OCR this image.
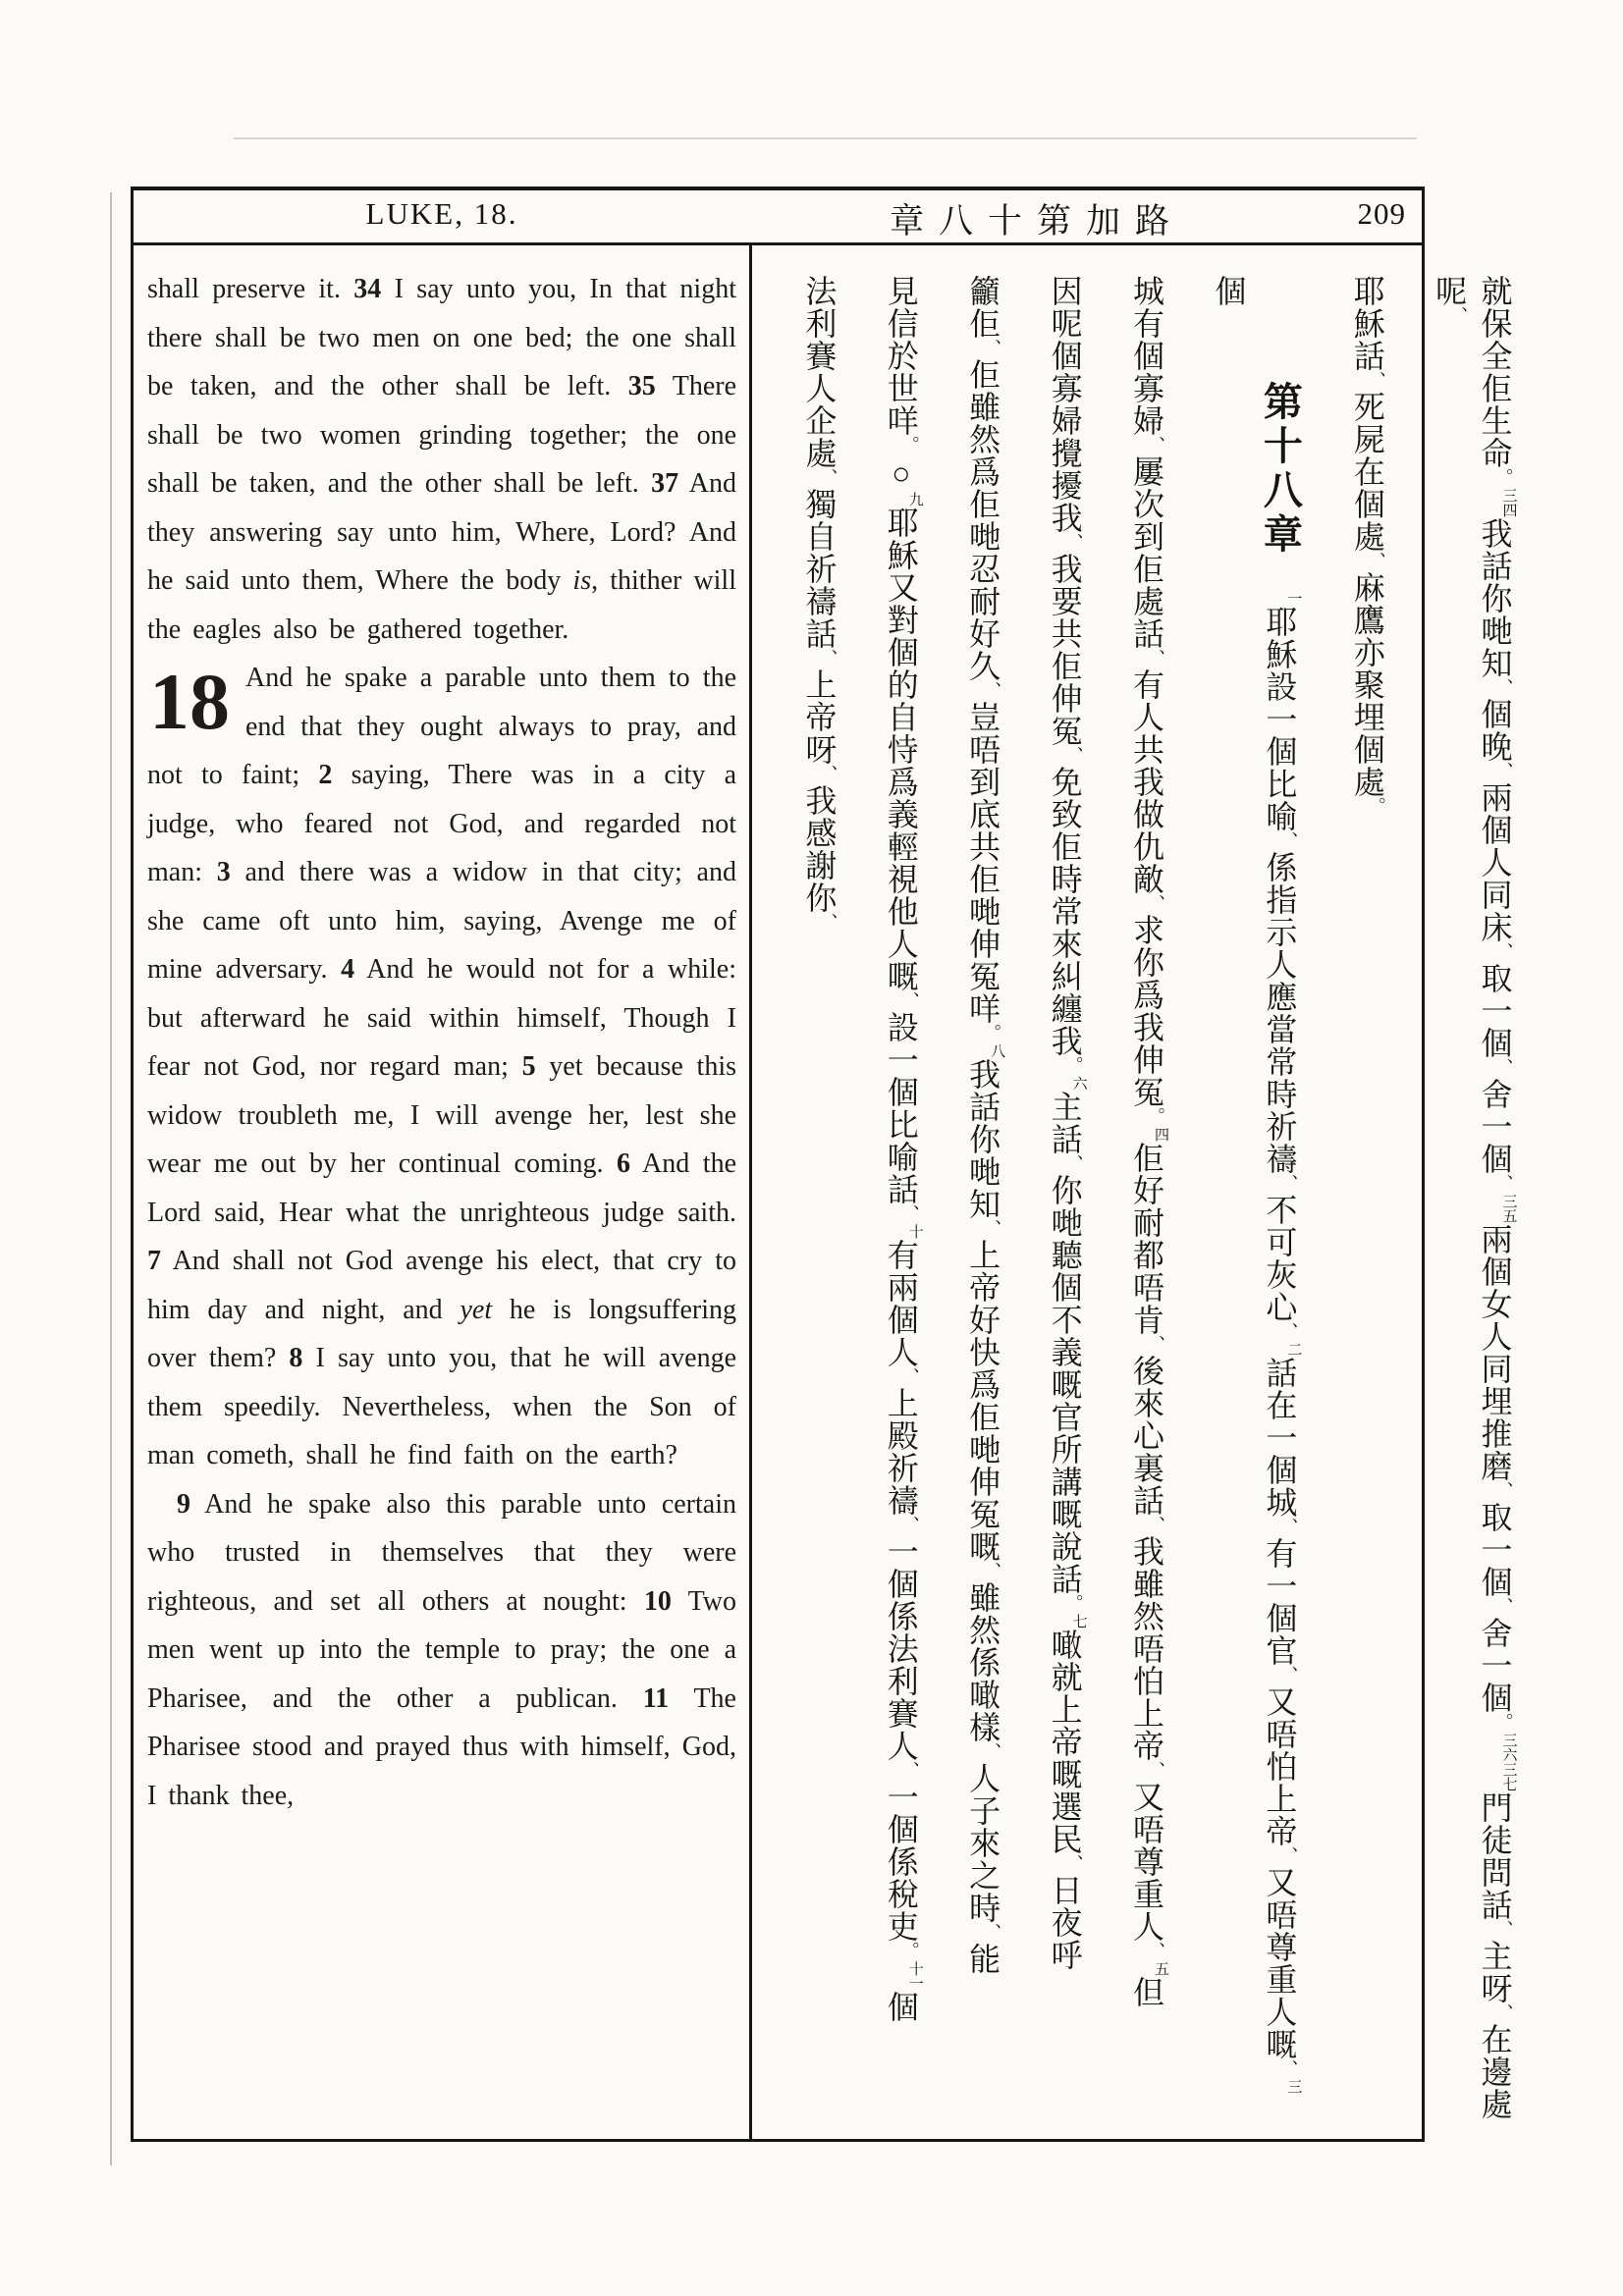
LUKE, 18.	章八十第加路	209

shall preserve it. 34 I say unto you, In that night there shall be two men on one bed; the one shall be taken, and the other shall be left. 35 There shall be two women grinding together; the one shall be taken, and the other shall be left. 37 And they answering say unto him, Where, Lord? And he said unto them, Where the body is, thither will the eagles also be gathered together.

18 And he spake a parable unto them to the end that they ought always to pray, and not to faint; 2 saying, There was in a city a judge, who feared not God, and regarded not man: 3 and there was a widow in that city; and she came oft unto him, saying, Avenge me of mine adversary. 4 And he would not for a while: but afterward he said within himself, Though I fear not God, nor regard man; 5 yet because this widow troubleth me, I will avenge her, lest she wear me out by her continual coming. 6 And the Lord said, Hear what the unrighteous judge saith. 7 And shall not God avenge his elect, that cry to him day and night, and yet he is longsuffering over them? 8 I say unto you, that he will avenge them speedily. Nevertheless, when the Son of man cometh, shall he find faith on the earth?

9 And he spake also this parable unto certain who trusted in themselves that they were righteous, and set all others at nought: 10 Two men went up into the temple to pray; the one a Pharisee, and the other a publican. 11 The Pharisee stood and prayed thus with himself, God, I thank thee,

就保全佢生命。三四我話你哋知、個晚、兩個人同床、取一個、舍一個、三五兩個女人同埋推磨、取一個、舍一個。三六三七門徒問話、主呀、在邊處呢、
耶穌話、死屍在個處、麻鷹亦聚埋個處。
第十八章一耶穌設一個比喻、係指示人應當常時祈禱、不可灰心、二話在一個城、有一個官、又唔怕上帝、又唔尊重人嘅、三個
城有個寡婦、屢次到佢處話、有人共我做仇敵、求你爲我伸冤。四佢好耐都唔肯、後來心裏話、我雖然唔怕上帝、又唔尊重人、五但
因呢個寡婦攪擾我、我要共佢伸冤、免致佢時常來糾纏我。六主話、你哋聽個不義嘅官所講嘅說話。七噉就上帝嘅選民、日夜呼
籲佢、佢雖然爲佢哋忍耐好久、豈唔到底共佢哋伸冤咩。八我話你哋知、上帝好快爲佢哋伸冤嘅、雖然係噉樣、人子來之時、能
見信於世咩。○九耶穌又對個的自恃爲義輕視他人嘅、設一個比喻話、十有兩個人、上殿祈禱、一個係法利賽人、一個係稅吏。十一個
法利賽人企處、獨自祈禱話、上帝呀、我感謝你、
